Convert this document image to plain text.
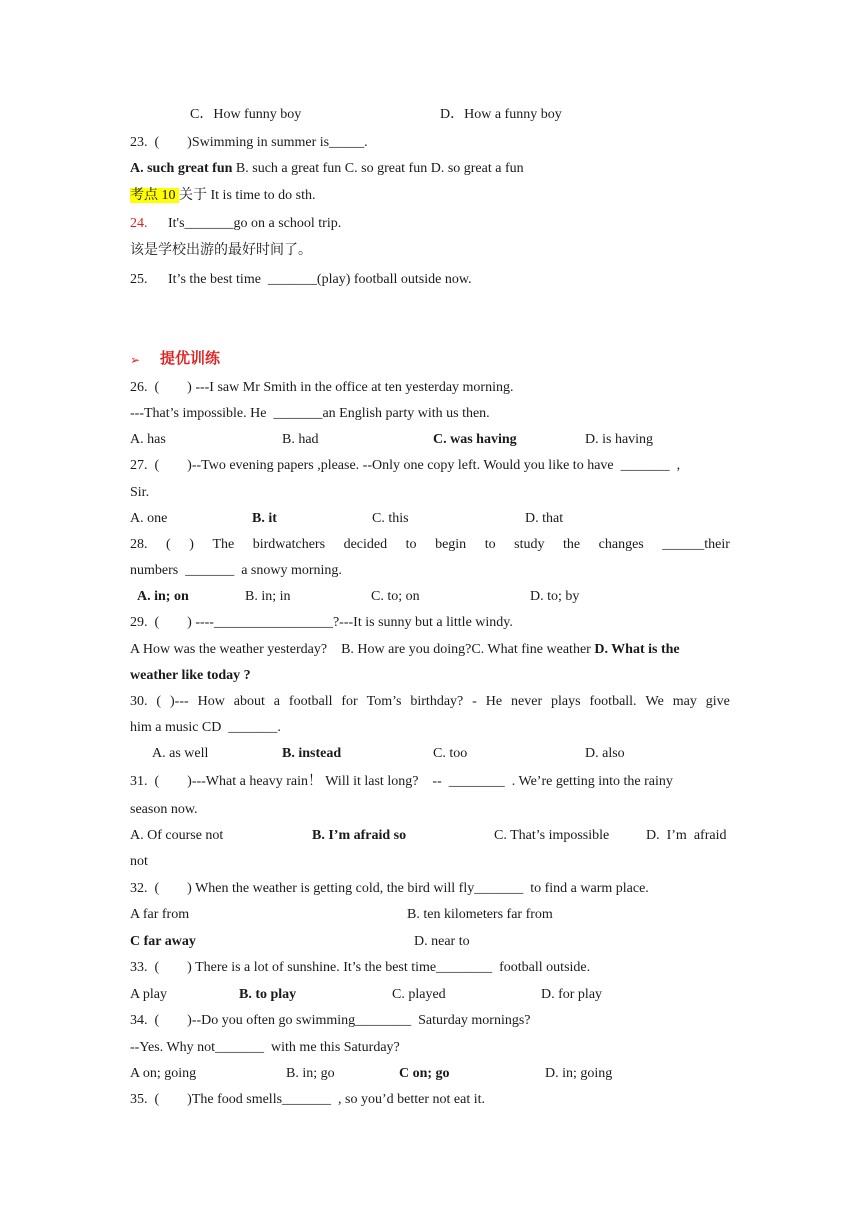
C．How funny boy	D．How a funny boy
23.  (        )Swimming in summer is_____.
A. such great fun B. such a great fun C. so great fun D. so great a fun
考点 10 关于 It is time to do sth.
24. It's_______go on a school trip.
该是学校出游的最好时间了。
25. It’s the best time  _______(play) football outside now.
➢ 提优训练
26.  (        ) ---I saw Mr Smith in the office at ten yesterday morning.
---That’s impossible. He  _______an English party with us then.
A. has	B. had	C. was having	D. is having
27.  (        )--Two evening papers ,please. --Only one copy left. Would you like to have  _______  ,
Sir.
A. one	B. it	C. this	D. that
28. ( ) The birdwatchers decided to begin to study the changes ______their
numbers  _______  a snowy morning.
A. in; on	B. in; in	C. to; on	D. to; by
29.  (        ) ----_________________?---It is sunny but a little windy.
A How was the weather yesterday?    B. How are you doing?C. What fine weather D. What is the
weather like today ?
30. ( )--- How about a football for Tom’s birthday? - He never plays football. We may give
him a music CD  _______.
A. as well	B. instead	C. too	D. also
31.  (        )---What a heavy rain！ Will it last long?    --  ________  . We’re getting into the rainy
season now.
A. Of course not	B. I’m afraid so	C. That’s impossible	D.  I’m  afraid
not
32.  (        ) When the weather is getting cold, the bird will fly_______  to find a warm place.
A far from	B. ten kilometers far from
C far away	D. near to
33.  (        ) There is a lot of sunshine. It’s the best time________  football outside.
A play	B. to play	C. played	D. for play
34.  (        )--Do you often go swimming________  Saturday mornings?
--Yes. Why not_______  with me this Saturday?
A on; going	B. in; go	C on; go	D. in; going
35.  (        )The food smells_______  , so you’d better not eat it.
